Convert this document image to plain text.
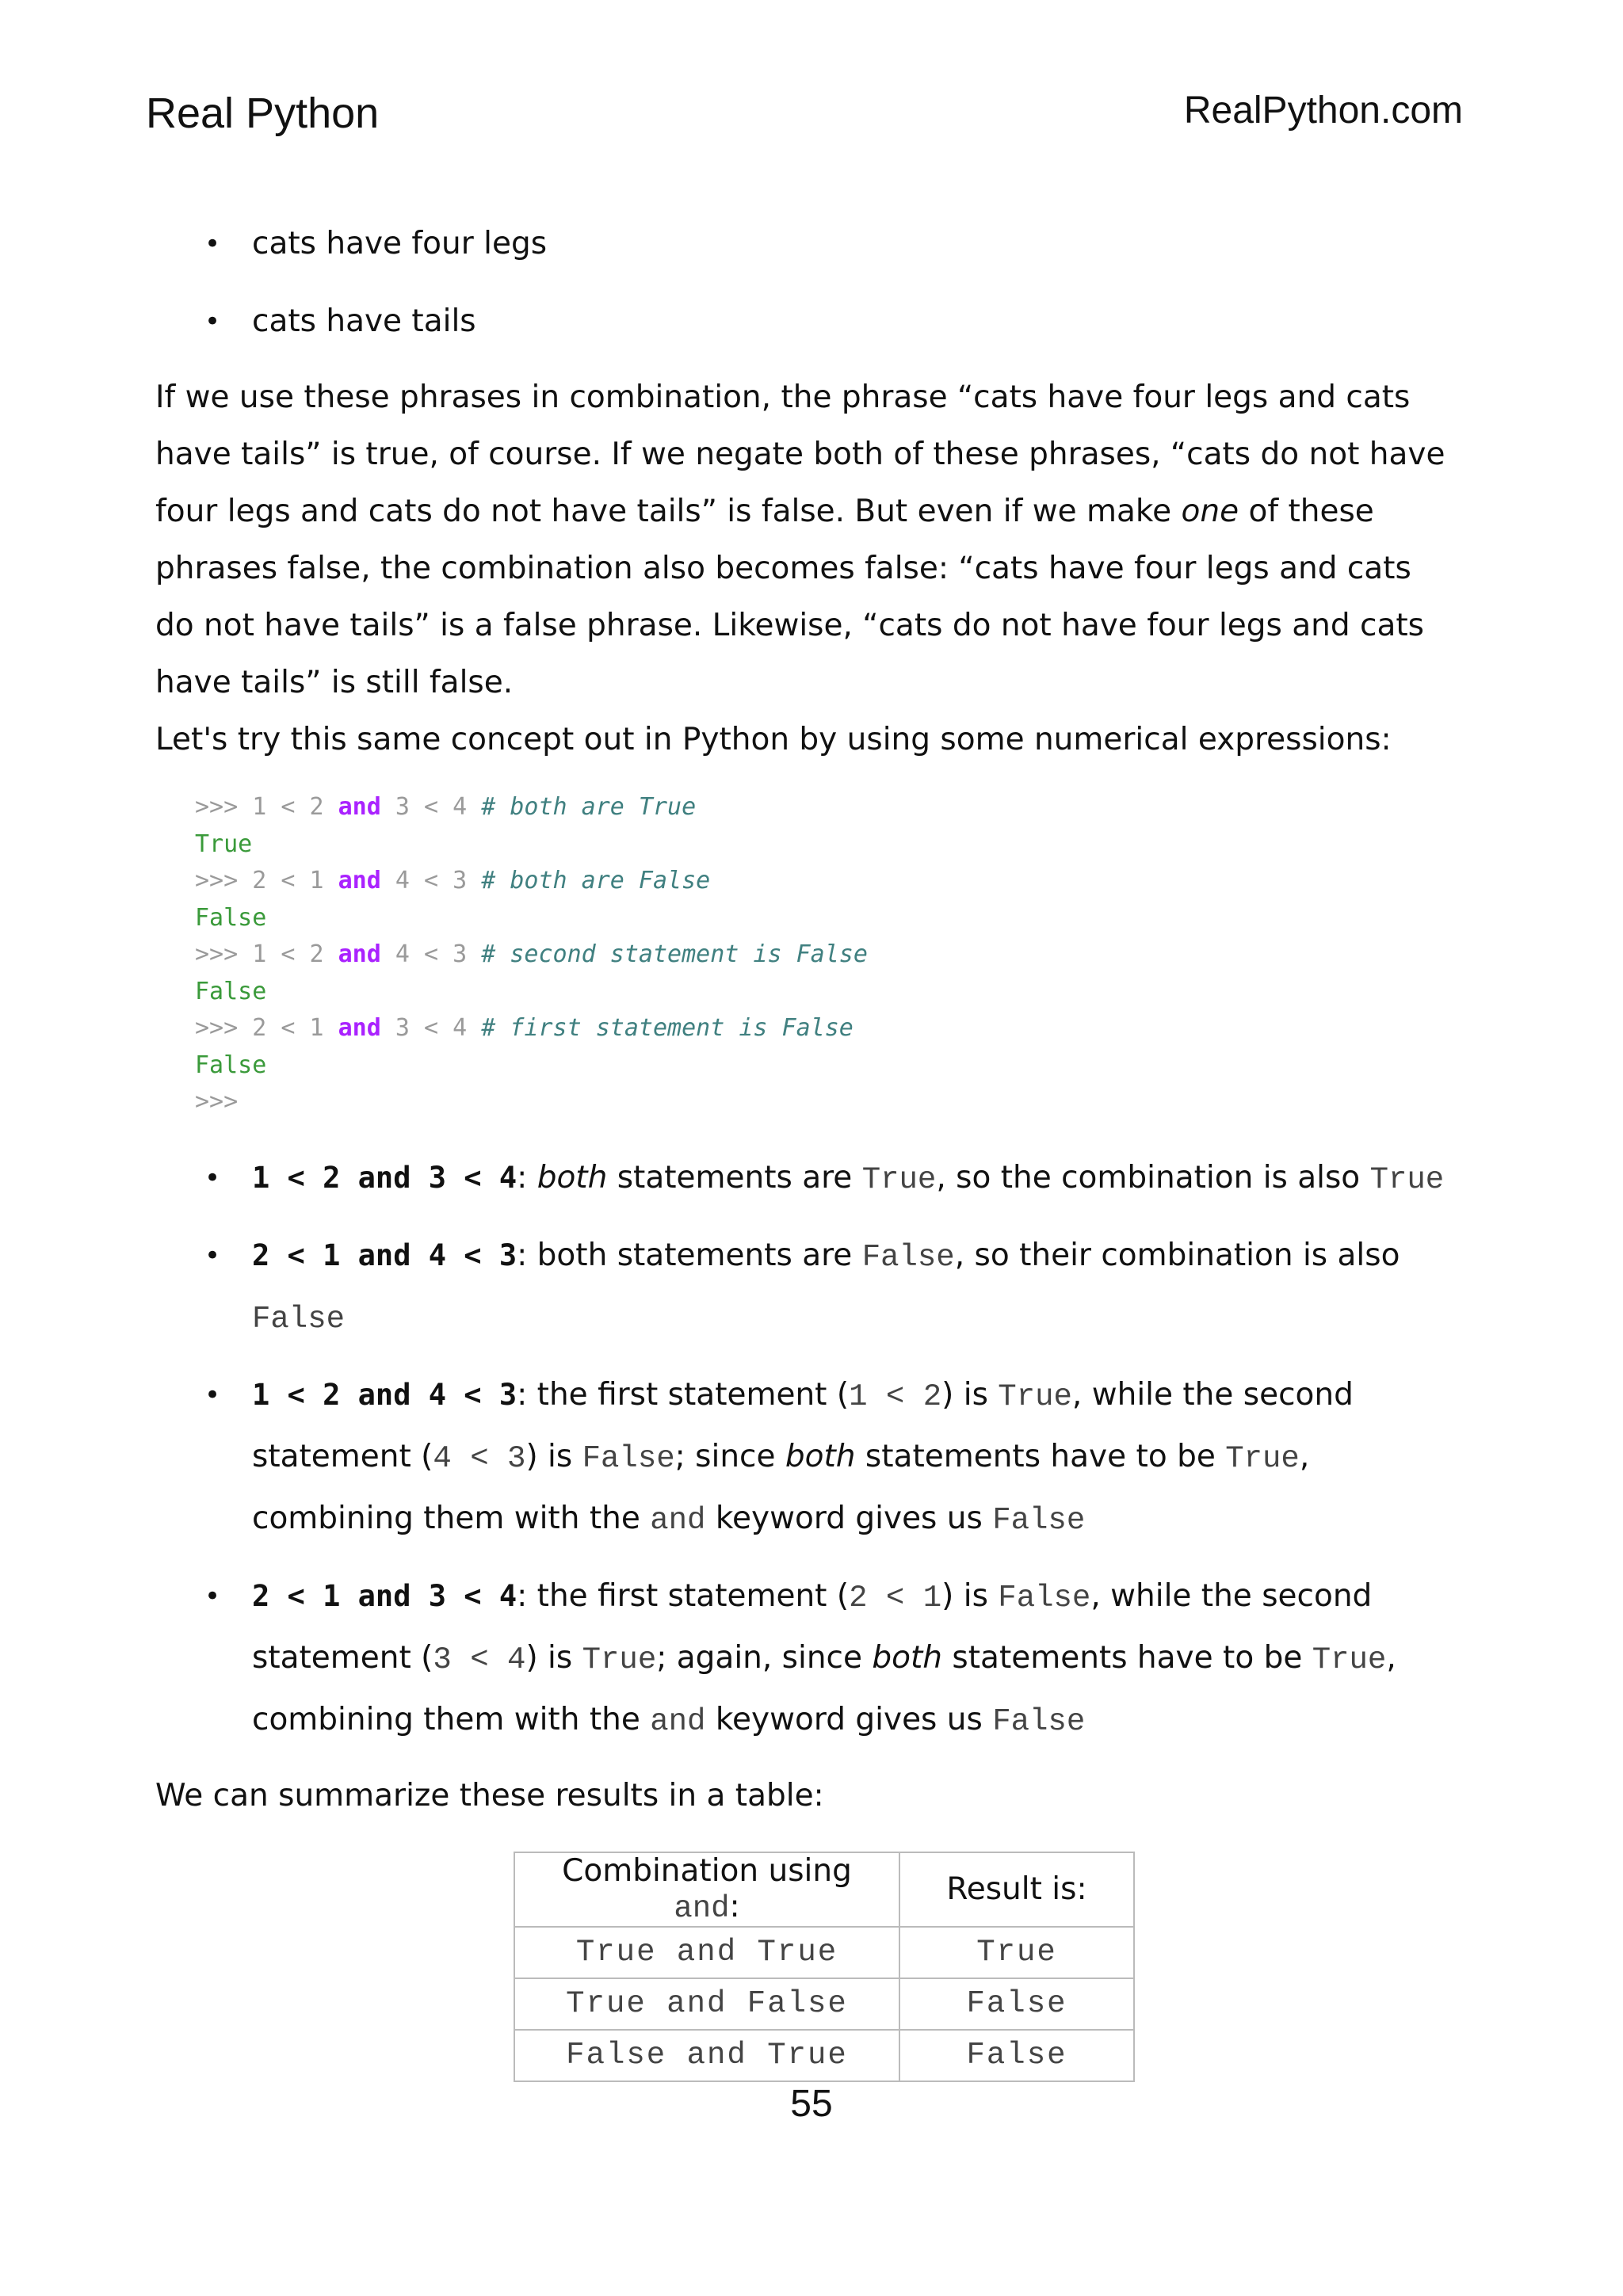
Real Python	RealPython.com
• cats have four legs
• cats have tails

If we use these phrases in combination, the phrase “cats have four legs and cats have tails” is true, of course. If we negate both of these phrases, “cats do not have four legs and cats do not have tails” is false. But even if we make one of these phrases false, the combination also becomes false: “cats have four legs and cats do not have tails” is a false phrase. Likewise, “cats do not have four legs and cats have tails” is still false.

Let's try this same concept out in Python by using some numerical expressions:

>>> 1 < 2 and 3 < 4 # both are True
True
>>> 2 < 1 and 4 < 3 # both are False
False
>>> 1 < 2 and 4 < 3 # second statement is False
False
>>> 2 < 1 and 3 < 4 # first statement is False
False
>>>
• 1 < 2 and 3 < 4: both statements are True, so the combination is also True
• 2 < 1 and 4 < 3: both statements are False, so their combination is also False
• 1 < 2 and 4 < 3: the first statement (1 < 2) is True, while the second statement (4 < 3) is False; since both statements have to be True, combining them with the and keyword gives us False
• 2 < 1 and 3 < 4: the first statement (2 < 1) is False, while the second statement (3 < 4) is True; again, since both statements have to be True, combining them with the and keyword gives us False

We can summarize these results in a table:

Combination using and:	Result is:
True and True	True
True and False	False
False and True	False
55
